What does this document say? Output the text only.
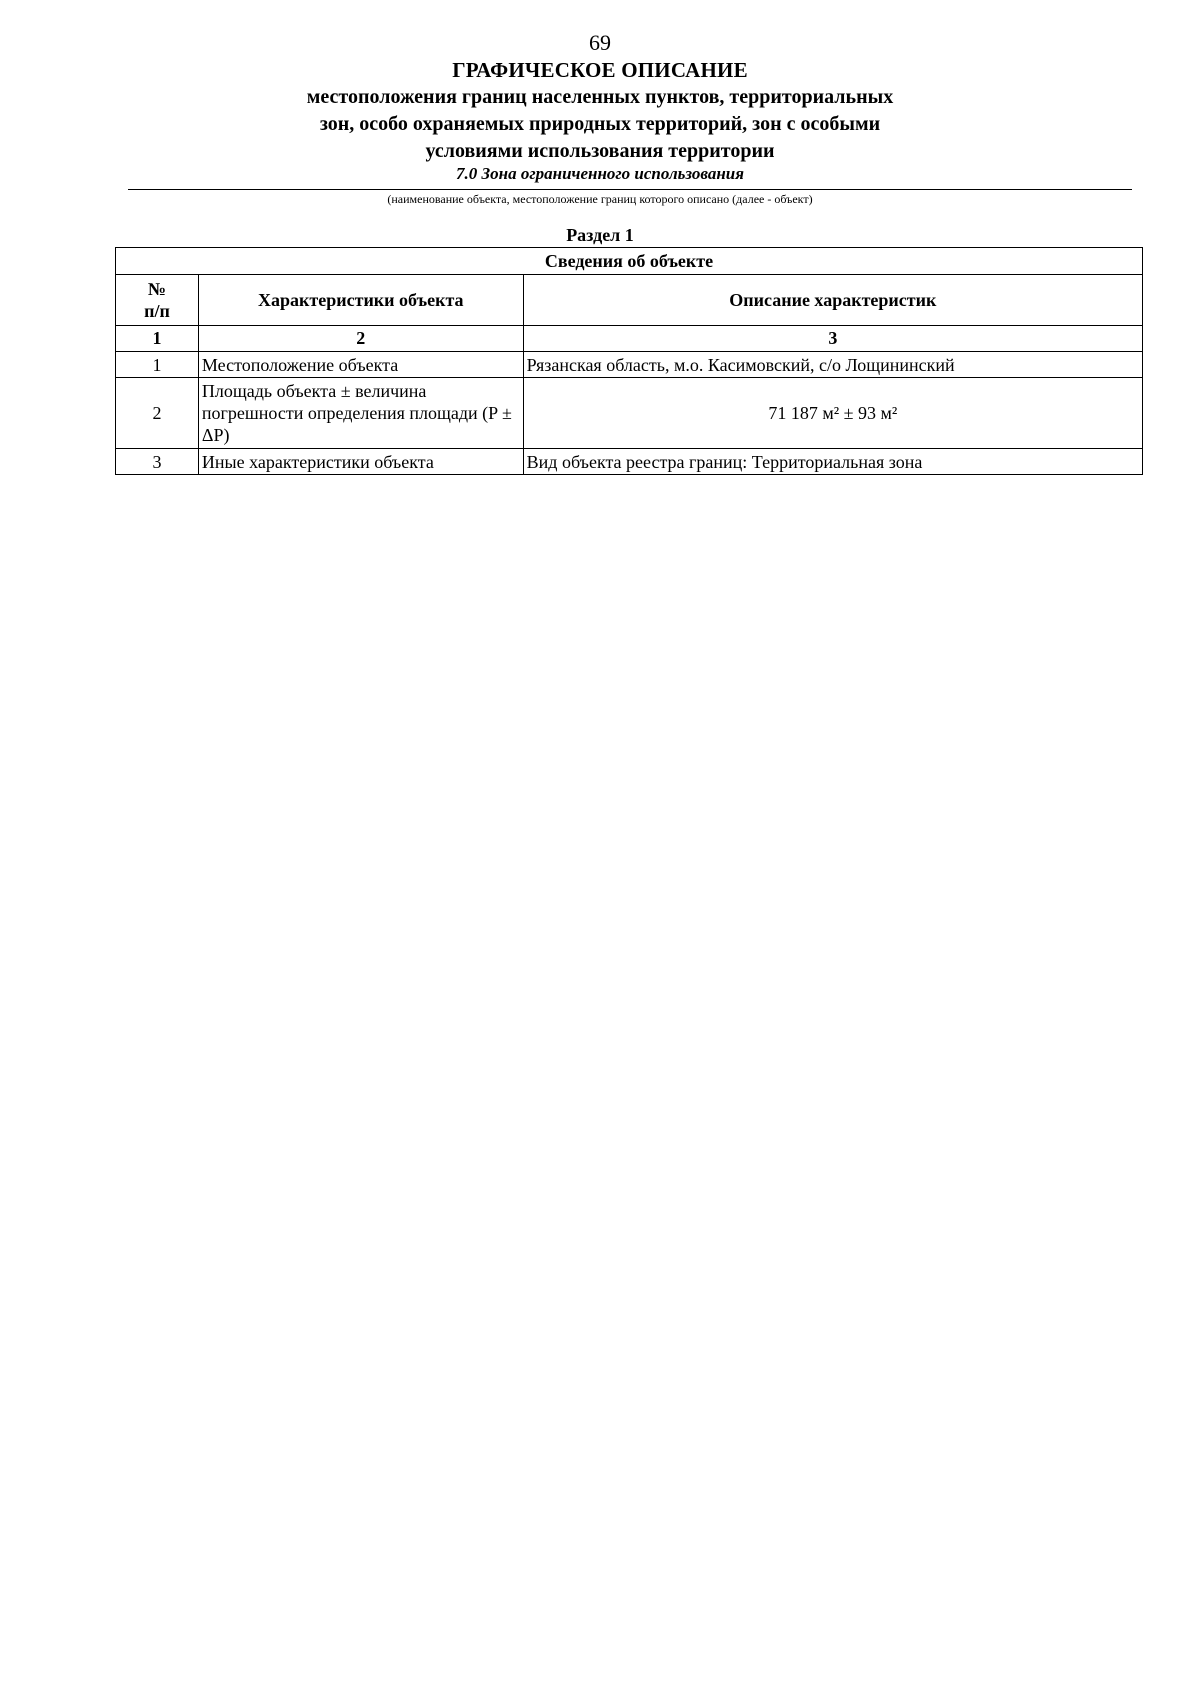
69
ГРАФИЧЕСКОЕ ОПИСАНИЕ
местоположения границ населенных пунктов, территориальных
зон, особо охраняемых природных территорий, зон с особыми
условиями использования территории
7.0 Зона ограниченного использования
(наименование объекта, местоположение границ которого описано (далее - объект)
Раздел 1
Сведения об объекте		

№
п/п	Характеристики объекта	Описание характеристик
1	2	3
1	Местоположение объекта	Рязанская область, м.о. Касимовский, с/о Лощининский
2	Площадь объекта ± величина погрешности определения площади (P ± ΔP)	71 187 м² ± 93 м²
3	Иные характеристики объекта	Вид объекта реестра границ: Территориальная зона
